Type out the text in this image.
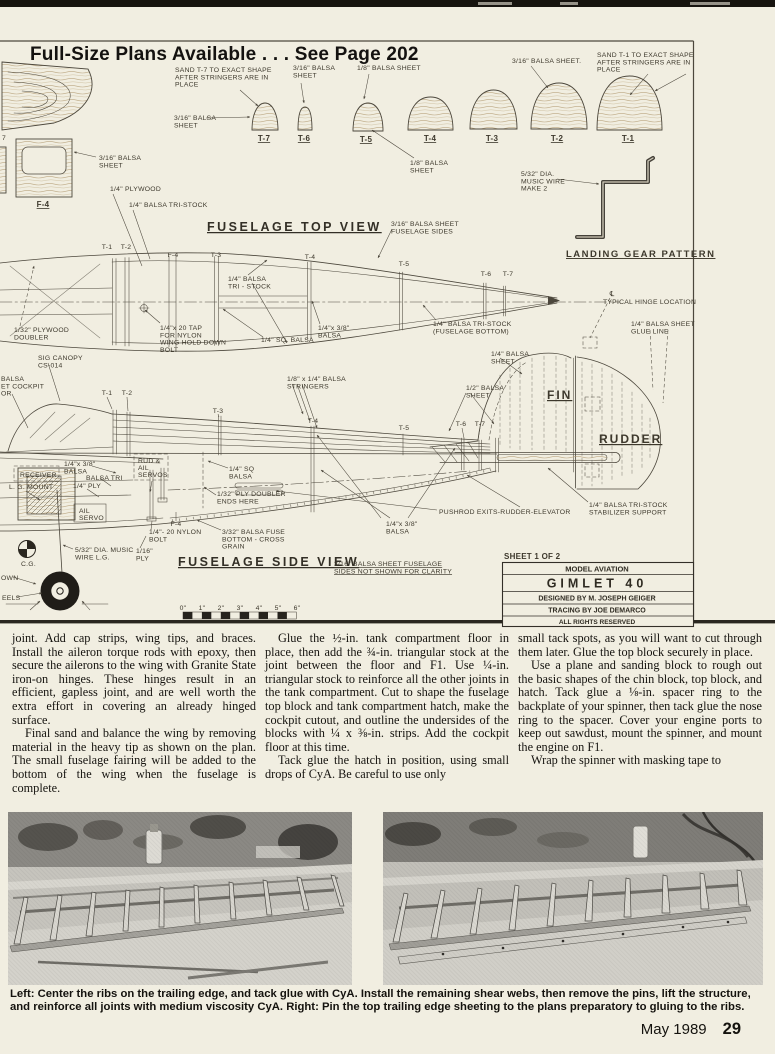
MODEL AVIATION
GIMLET 40
DESIGNED BY M. JOSEPH GEIGER
TRACING BY JOE DEMARCO
ALL RIGHTS RESERVED
SAND T-7 TO EXACT SHAPE AFTER STRINGERS ARE IN PLACE
3/16" BALSA SHEET
1/8" BALSA SHEET
3/16" BALSA SHEET.
SAND T-1 TO EXACT SHAPE AFTER STRINGERS ARE IN PLACE
3/16" BALSA SHEET
T-7	T-6	T-5	T-4	T-3	T-2	T-1
7
3/16" BALSA SHEET
F-4
1/4" PLYWOOD
1/4" BALSA TRI-STOCK
FUSELAGE TOP VIEW
1/8" BALSA SHEET
5/32" DIA. MUSIC WIRE MAKE 2
LANDING GEAR PATTERN
T-1 T-2
F-4	T-3	T-4
T-5
T-6 T-7
1/4" BALSA TRI - STOCK
3/16" BALSA SHEET FUSELAGE SIDES
1/32" PLYWOOD DOUBLER
1/4"x 20 TAP FOR NYLON WING HOLD DOWN BOLT
1/4" SQ. BALSA
1/4"x 3/8" BALSA
SIG CANOPY CS-014
1/4" BALSA TRI-STOCK (FUSELAGE BOTTOM)
℄
TYPICAL HINGE LOCATION
1/4" BALSA SHEET GLUE LINE
1/4" BALSA SHEET
1/2" BALSA SHEET	FIN
RUDDER
1/8" x 1/4" BALSA STRINGERS
T-4
T-5
T-6 T-7
BALSA ET COCKPIT OR	T-1 T-2
T-3
RUD & AIL SERVOS
RECEIVER
1/4"x 3/8" BALSA
BALSA TRI
1/4" PLY
L. G. MOUNT
AIL SERVO
1/4" SQ BALSA
1/32" PLY DOUBLER ENDS HERE
F-4
1/4"- 20 NYLON BOLT
3/32" BALSA FUSE BOTTOM - CROSS GRAIN
5/32" DIA. MUSIC WIRE L.G.
1/16" PLY	FUSELAGE SIDE VIEW
3/16" BALSA SHEET FUSELAGE SIDES NOT SHOWN FOR CLARITY
C.G.
OWN
EELS
PUSHROD EXITS-RUDDER-ELEVATOR
1/4" BALSA TRI-STOCK STABILIZER SUPPORT
1/4"x 3/8" BALSA
SHEET 1 OF 2
0" 1" 2" 3" 4" 5" 6"
Full-Size Plans Available . . . See Page 202

joint. Add cap strips, wing tips, and braces. Install the aileron torque rods with epoxy, then secure the ailerons to the wing with Granite State iron-on hinges. These hinges result in an efficient, gapless joint, and are well worth the extra effort in covering an already hinged surface.

Final sand and balance the wing by removing material in the heavy tip as shown on the plan. The small fuselage fairing will be added to the bottom of the wing when the fuselage is complete.

Glue the ½-in. tank compartment floor in place, then add the ¾-in. triangular stock at the joint between the floor and F1. Use ¼-in. triangular stock to reinforce all the other joints in the tank compartment. Cut to shape the fuselage top block and tank compartment hatch, make the cockpit cutout, and outline the undersides of the blocks with ¼ x ⅜-in. strips. Add the cockpit floor at this time.

Tack glue the hatch in position, using small drops of CyA. Be careful to use only

small tack spots, as you will want to cut through them later. Glue the top block securely in place.

Use a plane and sanding block to rough out the basic shapes of the chin block, top block, and hatch. Tack glue a ⅛-in. spacer ring to the backplate of your spinner, then tack glue the nose ring to the spacer. Cover your engine ports to keep out sawdust, mount the spinner, and mount the engine on F1.

Wrap the spinner with masking tape to

Left: Center the ribs on the trailing edge, and tack glue with CyA. Install the remaining shear webs, then remove the pins, lift the structure, and reinforce all joints with medium viscosity CyA. Right: Pin the top trailing edge sheeting to the plans preparatory to gluing to the ribs.
May 1989 29
